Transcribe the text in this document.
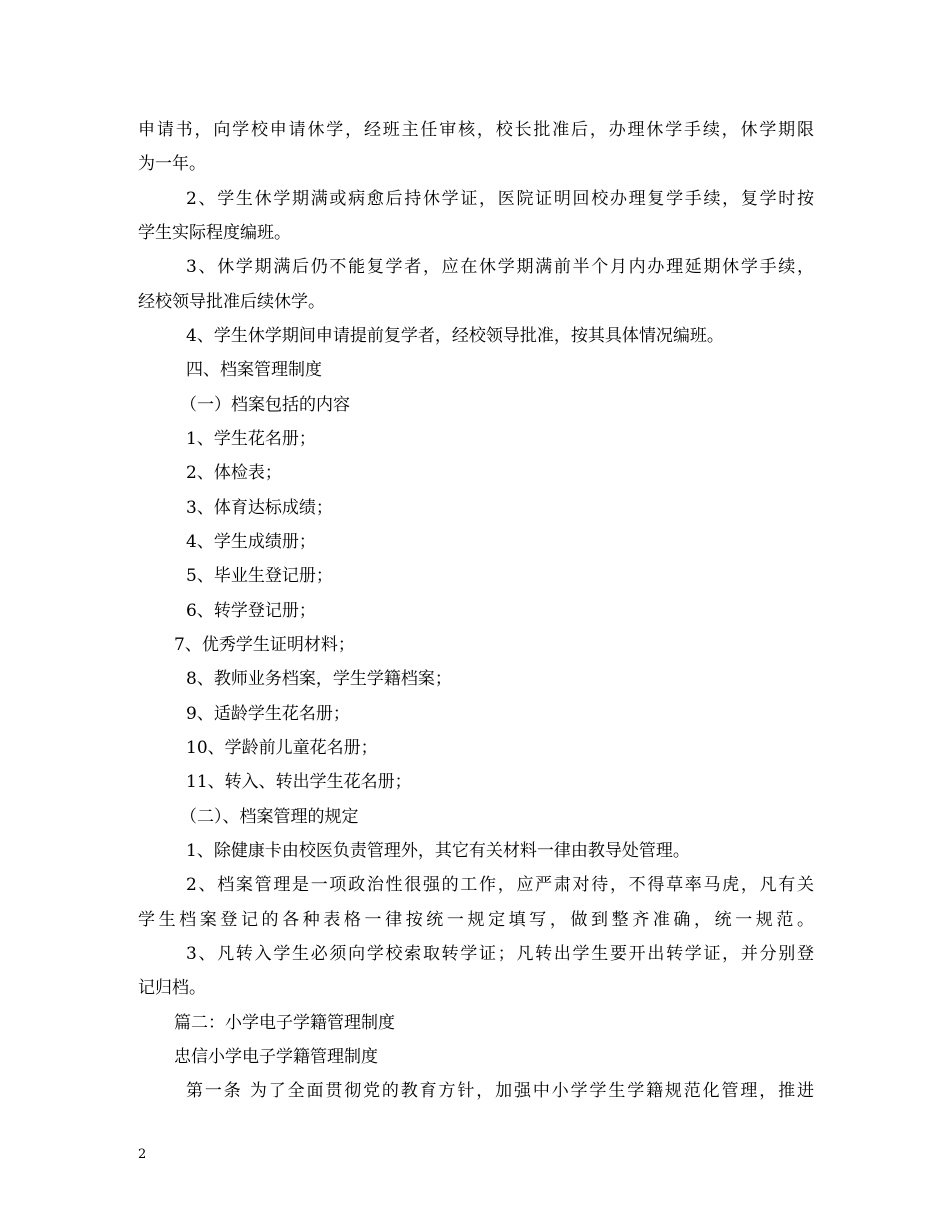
申请书，向学校申请休学，经班主任审核，校长批准后，办理休学手续，休学期限
为一年。
2、学生休学期满或病愈后持休学证，医院证明回校办理复学手续，复学时按
学生实际程度编班。
3、休学期满后仍不能复学者，应在休学期满前半个月内办理延期休学手续，
经校领导批准后续休学。
4、学生休学期间申请提前复学者，经校领导批准，按其具体情况编班。
四、档案管理制度
（一）档案包括的内容
1、学生花名册；
2、体检表；
3、体育达标成绩；
4、学生成绩册；
5、毕业生登记册；
6、转学登记册；
7、优秀学生证明材料；
8、教师业务档案，学生学籍档案；
9、适龄学生花名册；
10、学龄前儿童花名册；
11、转入、转出学生花名册；
（二）、档案管理的规定
1、除健康卡由校医负责管理外，其它有关材料一律由教导处管理。
2、档案管理是一项政治性很强的工作，应严肃对待，不得草率马虎，凡有关
学生档案登记的各种表格一律按统一规定填写，做到整齐准确，统一规范。
3、凡转入学生必须向学校索取转学证；凡转出学生要开出转学证，并分别登
记归档。
篇二：小学电子学籍管理制度
忠信小学电子学籍管理制度
第一条 为了全面贯彻党的教育方针，加强中小学学生学籍规范化管理，推进
2
